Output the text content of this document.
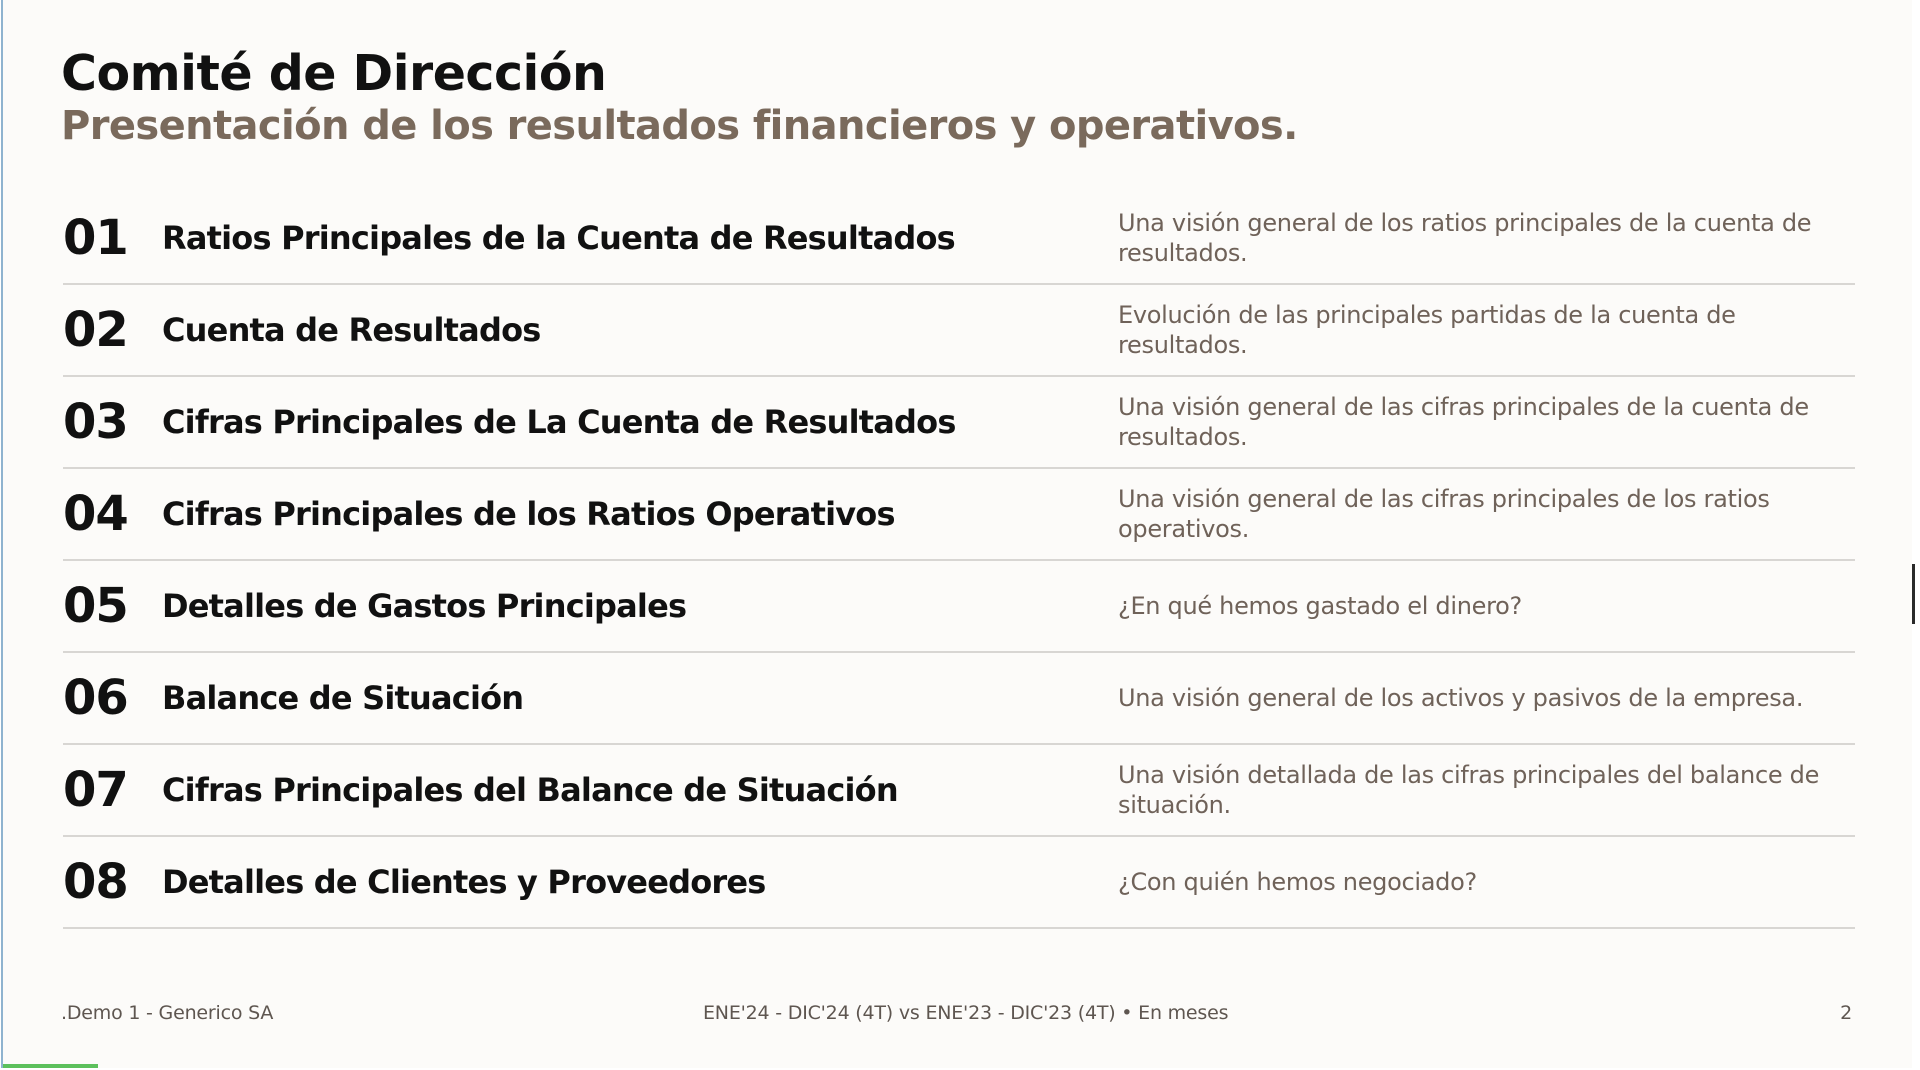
Comité de Dirección
Presentación de los resultados financieros y operativos.
01 Ratios Principales de la Cuenta de Resultados	Una visión general de los ratios principales de la cuenta de resultados.
02 Cuenta de Resultados	Evolución de las principales partidas de la cuenta de resultados.
03 Cifras Principales de La Cuenta de Resultados	Una visión general de las cifras principales de la cuenta de resultados.
04 Cifras Principales de los Ratios Operativos	Una visión general de las cifras principales de los ratios operativos.
05 Detalles de Gastos Principales	¿En qué hemos gastado el dinero?
06 Balance de Situación	Una visión general de los activos y pasivos de la empresa.
07 Cifras Principales del Balance de Situación	Una visión detallada de las cifras principales del balance de situación.
08 Detalles de Clientes y Proveedores	¿Con quién hemos negociado?
.Demo 1 - Generico SA	ENE'24 - DIC'24 (4T) vs ENE'23 - DIC'23 (4T) • En meses	2
